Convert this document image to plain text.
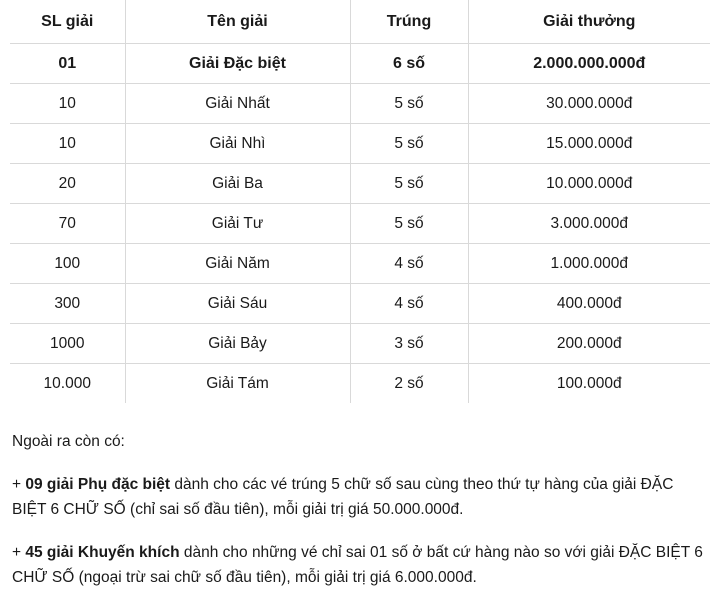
SL giải	Tên giải	Trúng	Giải thưởng
01	Giải Đặc biệt	6 số	2.000.000.000đ
10	Giải Nhất	5 số	30.000.000đ
10	Giải Nhì	5 số	15.000.000đ
20	Giải Ba	5 số	10.000.000đ
70	Giải Tư	5 số	3.000.000đ
100	Giải Năm	4 số	1.000.000đ
300	Giải Sáu	4 số	400.000đ
1000	Giải Bảy	3 số	200.000đ
10.000	Giải Tám	2 số	100.000đ

Ngoài ra còn có:

+ 09 giải Phụ đặc biệt dành cho các vé trúng 5 chữ số sau cùng theo thứ tự hàng của giải ĐẶC BIỆT 6 CHỮ SỐ (chỉ sai số đầu tiên), mỗi giải trị giá 50.000.000đ.

+ 45 giải Khuyến khích dành cho những vé chỉ sai 01 số ở bất cứ hàng nào so với giải ĐẶC BIỆT 6 CHỮ SỐ (ngoại trừ sai chữ số đầu tiên), mỗi giải trị giá 6.000.000đ.
